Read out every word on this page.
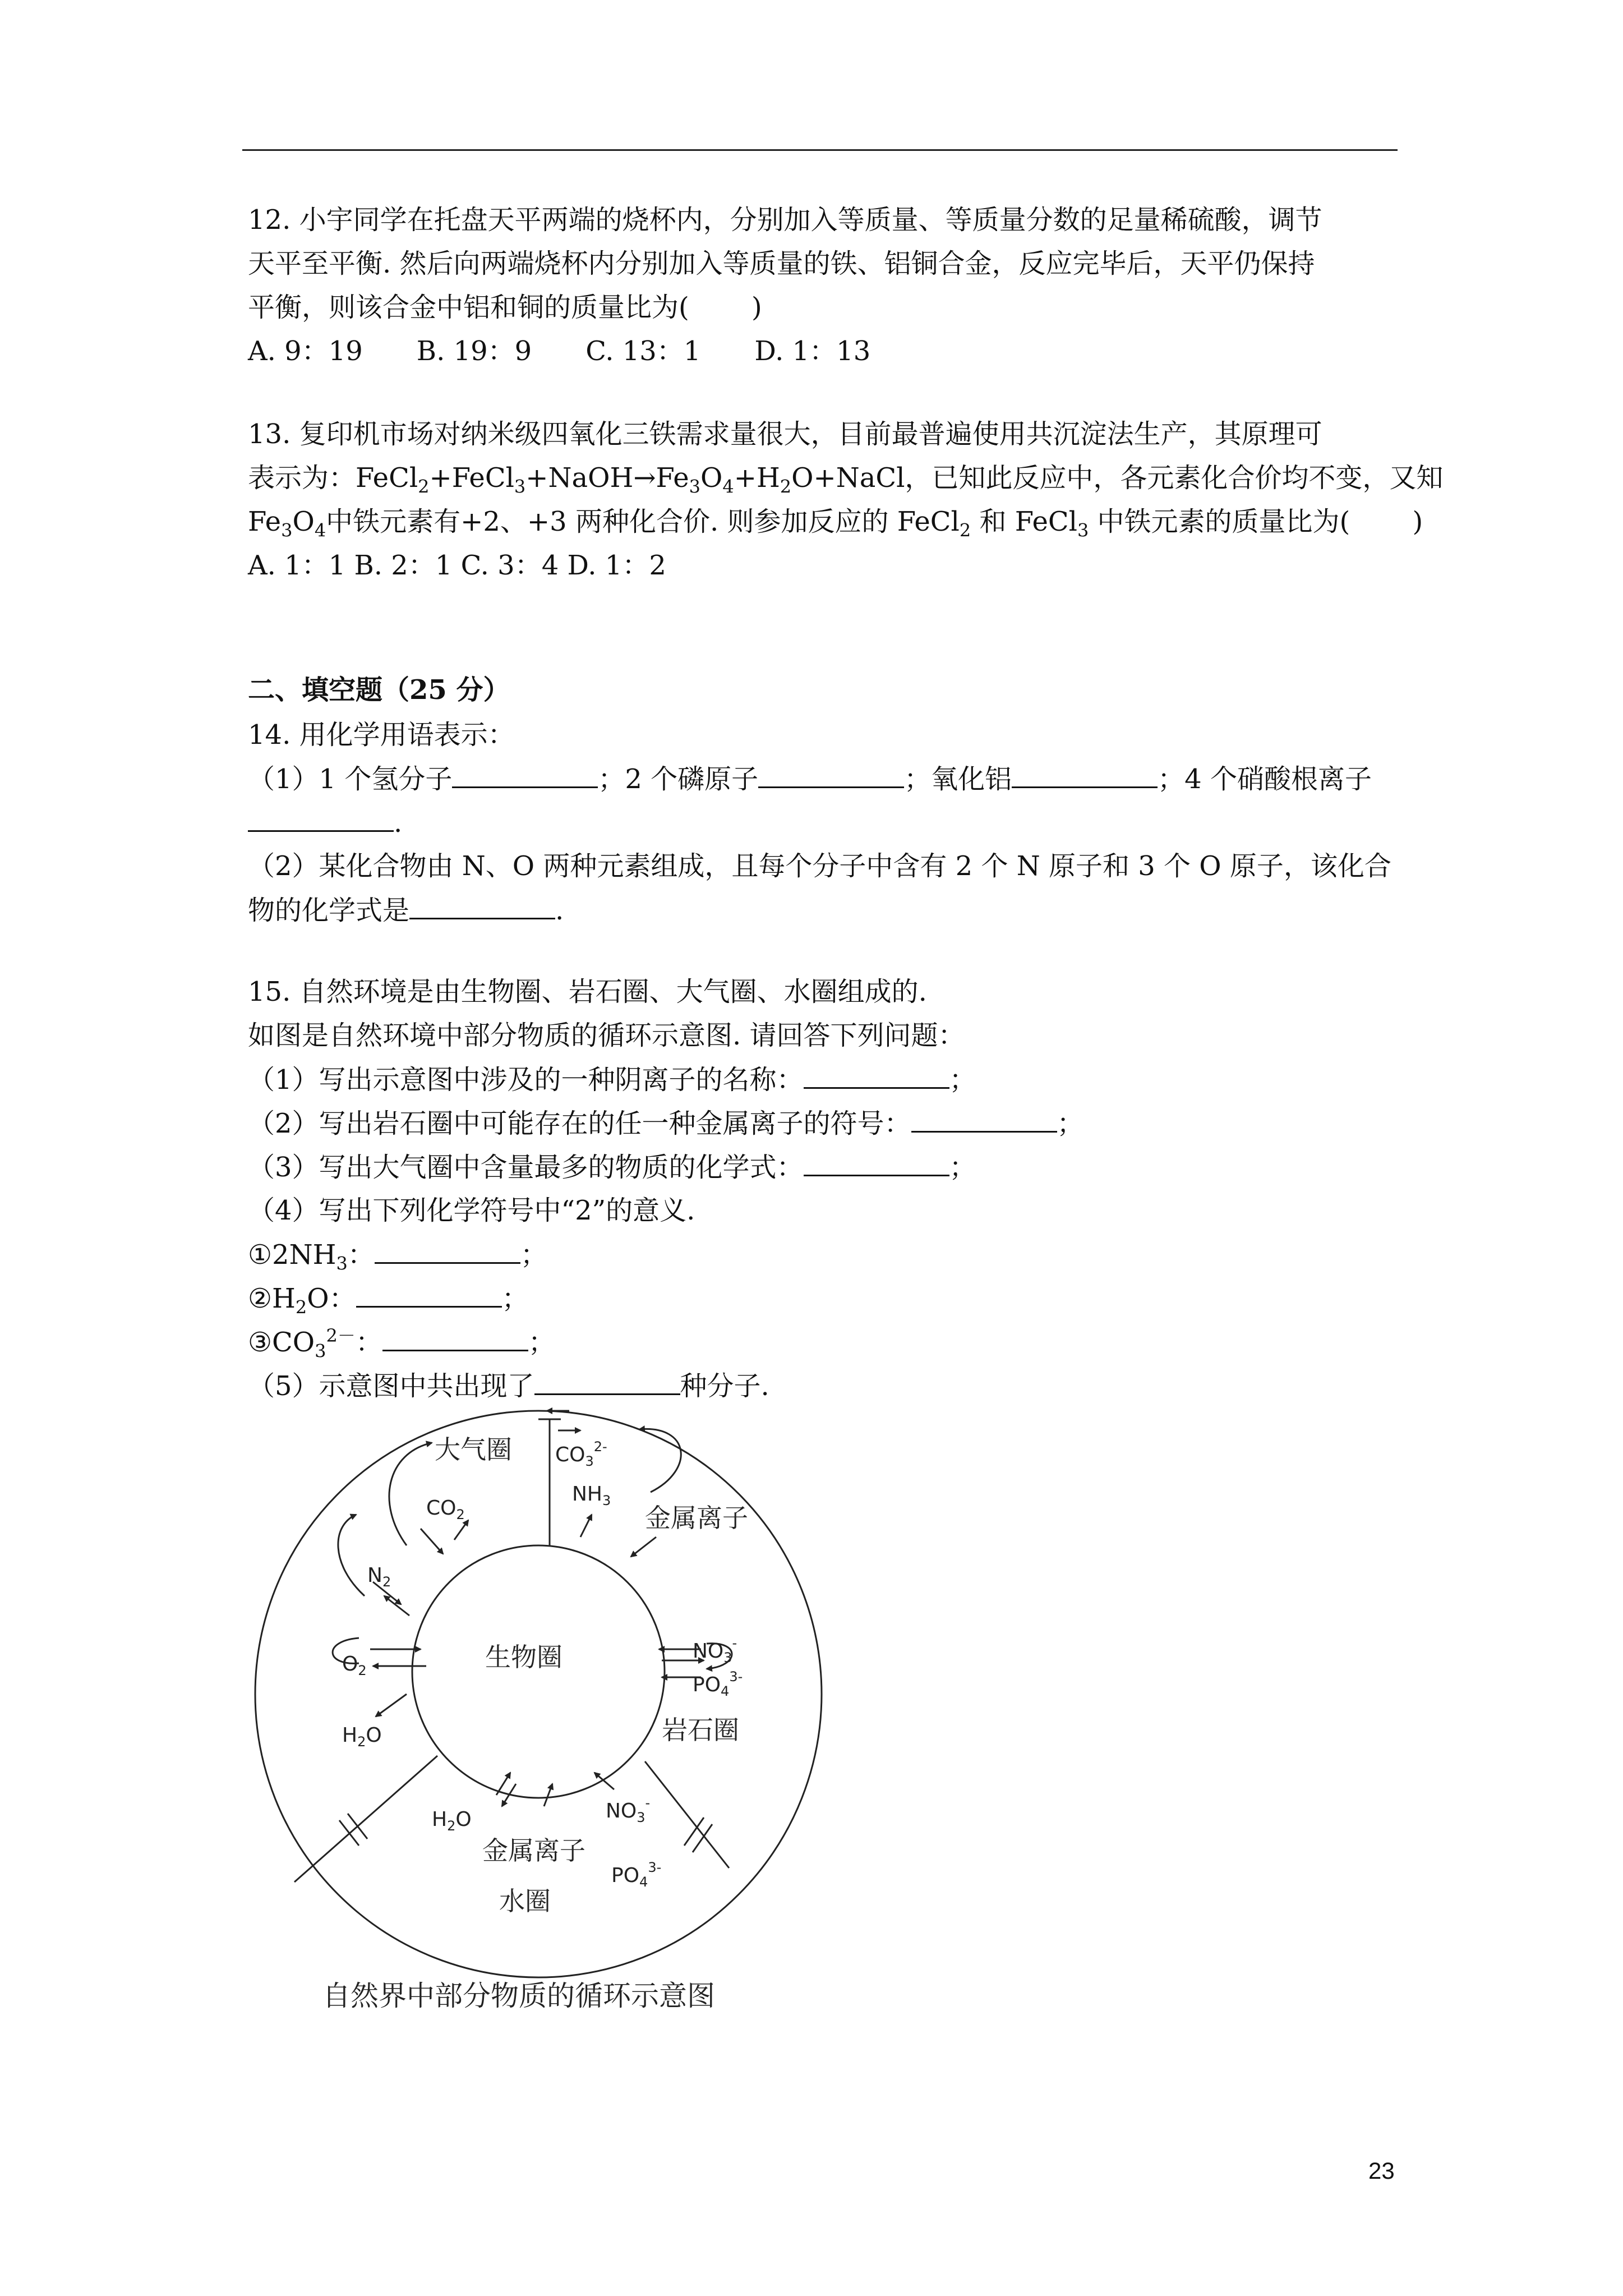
12. 小宇同学在托盘天平两端的烧杯内，分别加入等质量、等质量分数的足量稀硫酸，调节
天平至平衡. 然后向两端烧杯内分别加入等质量的铁、铝铜合金，反应完毕后，天平仍保持
平衡，则该合金中铝和铜的质量比为(　　 )
A. 9：19　　B. 19：9　　C. 13：1　　D. 1：13
13. 复印机市场对纳米级四氧化三铁需求量很大，目前最普遍使用共沉淀法生产，其原理可
表示为：$FeCl_2+FeCl_3+NaOH\to Fe_3O_4+H_2O+NaCl$，已知此反应中，各元素化合价均不变，又知
$Fe_3O_4$中铁元素有+2、+3 两种化合价. 则参加反应的 FeCl$_2$ 和 FeCl$_3$ 中铁元素的质量比为(　　 )
A. 1：1 B. 2：1 C. 3：4 D. 1：2
二、填空题（25 分）
14. 用化学用语表示：
（1）1 个氢分子	；2 个磷原子	；氧化铝	；4 个硝酸根离子
.
（2）某化合物由 N、O 两种元素组成，且每个分子中含有 2 个 N 原子和 3 个 O 原子，该化合
物的化学式是	.
15. 自然环境是由生物圈、岩石圈、大气圈、水圈组成的.
如图是自然环境中部分物质的循环示意图. 请回答下列问题：
（1）写出示意图中涉及的一种阴离子的名称：	；
（2）写出岩石圈中可能存在的任一种金属离子的符号：	；
（3）写出大气圈中含量最多的物质的化学式：	；
（4）写出下列化学符号中“2”的意义.
$①2NH_3$：	；
$②H_2O$：	；
$③CO_3^{2-}$：	；
（5）示意图中共出现了	种分子.
大气圈
生物圈
岩石圈
水圈
金属离子
金属离子
$CO_2$
$N_2$
$O_2$
$H_2O$
$H_2O$
$NH_3$
$CO_3^{2-}$
$NO_3^-$
$PO_4^{3-}$
$NO_3^-$
$PO_4^{3-}$
自然界中部分物质的循环示意图
23
